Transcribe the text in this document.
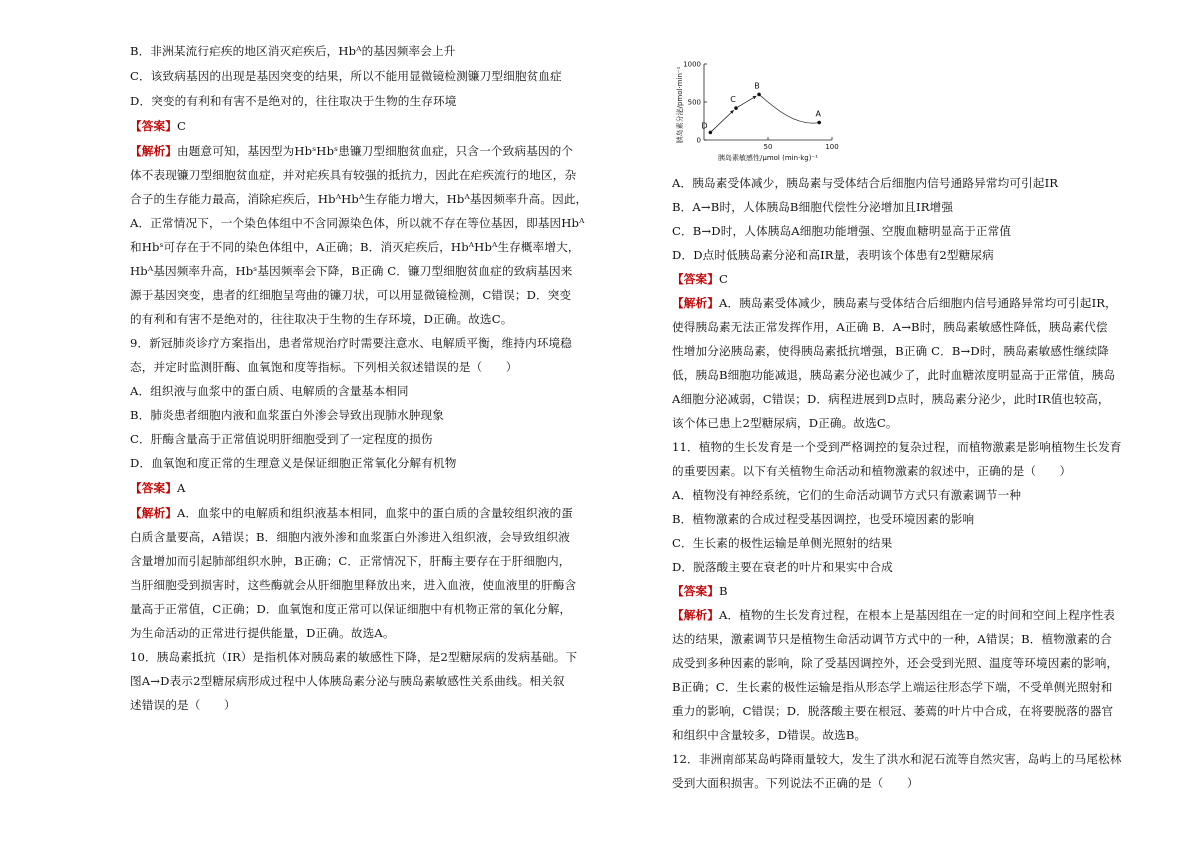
B．非洲某流行疟疾的地区消灭疟疾后，Hbᴬ的基因频率会上升
C．该致病基因的出现是基因突变的结果，所以不能用显微镜检测镰刀型细胞贫血症
D．突变的有利和有害不是绝对的，往往取决于生物的生存环境
【答案】C
【解析】由题意可知，基因型为HbˢHbˢ患镰刀型细胞贫血症，只含一个致病基因的个
体不表现镰刀型细胞贫血症，并对疟疾具有较强的抵抗力，因此在疟疾流行的地区，杂
合子的生存能力最高，消除疟疾后，HbᴬHbᴬ生存能力增大，Hbᴬ基因频率升高。因此，
A．正常情况下，一个染色体组中不含同源染色体，所以就不存在等位基因，即基因Hbᴬ
和Hbˢ可存在于不同的染色体组中，A正确；B．消灭疟疾后，HbᴬHbᴬ生存概率增大，
Hbᴬ基因频率升高，Hbˢ基因频率会下降，B正确 C．镰刀型细胞贫血症的致病基因来
源于基因突变，患者的红细胞呈弯曲的镰刀状，可以用显微镜检测，C错误；D．突变
的有利和有害不是绝对的，往往取决于生物的生存环境，D正确。故选C。
9．新冠肺炎诊疗方案指出，患者常规治疗时需要注意水、电解质平衡，维持内环境稳
态，并定时监测肝酶、血氧饱和度等指标。下列相关叙述错误的是（　　）
A．组织液与血浆中的蛋白质、电解质的含量基本相同
B．肺炎患者细胞内液和血浆蛋白外渗会导致出现肺水肿现象
C．肝酶含量高于正常值说明肝细胞受到了一定程度的损伤
D．血氧饱和度正常的生理意义是保证细胞正常氧化分解有机物
【答案】A
【解析】A．血浆中的电解质和组织液基本相同，血浆中的蛋白质的含量较组织液的蛋
白质含量要高，A错误；B．细胞内液外渗和血浆蛋白外渗进入组织液，会导致组织液
含量增加而引起肺部组织水肿，B正确；C．正常情况下，肝酶主要存在于肝细胞内，
当肝细胞受到损害时，这些酶就会从肝细胞里释放出来，进入血液，使血液里的肝酶含
量高于正常值，C正确；D．血氧饱和度正常可以保证细胞中有机物正常的氧化分解，
为生命活动的正常进行提供能量，D正确。故选A。
10．胰岛素抵抗（IR）是指机体对胰岛素的敏感性下降，是2型糖尿病的发病基础。下
图A→D表示2型糖尿病形成过程中人体胰岛素分泌与胰岛素敏感性关系曲线。相关叙
述错误的是（　　）
胰岛素分泌/pmol·min⁻¹
胰岛素敏感性/μmol (min·kg)⁻¹
1000
500
0
50	100
D
C
B
A
A．胰岛素受体减少，胰岛素与受体结合后细胞内信号通路异常均可引起IR
B．A→B时，人体胰岛B细胞代偿性分泌增加且IR增强
C．B→D时，人体胰岛A细胞功能增强、空腹血糖明显高于正常值
D．D点时低胰岛素分泌和高IR量，表明该个体患有2型糖尿病
【答案】C
【解析】A．胰岛素受体减少，胰岛素与受体结合后细胞内信号通路异常均可引起IR，
使得胰岛素无法正常发挥作用，A正确 B．A→B时，胰岛素敏感性降低，胰岛素代偿
性增加分泌胰岛素，使得胰岛素抵抗增强，B正确 C．B→D时，胰岛素敏感性继续降
低，胰岛B细胞功能减退，胰岛素分泌也减少了，此时血糖浓度明显高于正常值，胰岛
A细胞分泌减弱，C错误；D．病程进展到D点时，胰岛素分泌少，此时IR值也较高，
该个体已患上2型糖尿病，D正确。故选C。
11．植物的生长发育是一个受到严格调控的复杂过程，而植物激素是影响植物生长发育
的重要因素。以下有关植物生命活动和植物激素的叙述中，正确的是（　　）
A．植物没有神经系统，它们的生命活动调节方式只有激素调节一种
B．植物激素的合成过程受基因调控，也受环境因素的影响
C．生长素的极性运输是单侧光照射的结果
D．脱落酸主要在衰老的叶片和果实中合成
【答案】B
【解析】A．植物的生长发育过程，在根本上是基因组在一定的时间和空间上程序性表
达的结果，激素调节只是植物生命活动调节方式中的一种，A错误；B．植物激素的合
成受到多种因素的影响，除了受基因调控外，还会受到光照、温度等环境因素的影响，
B正确；C．生长素的极性运输是指从形态学上端运往形态学下端，不受单侧光照射和
重力的影响，C错误；D．脱落酸主要在根冠、萎蔫的叶片中合成，在将要脱落的器官
和组织中含量较多，D错误。故选B。
12．非洲南部某岛屿降雨量较大，发生了洪水和泥石流等自然灾害，岛屿上的马尾松林
受到大面积损害。下列说法不正确的是（　　）
